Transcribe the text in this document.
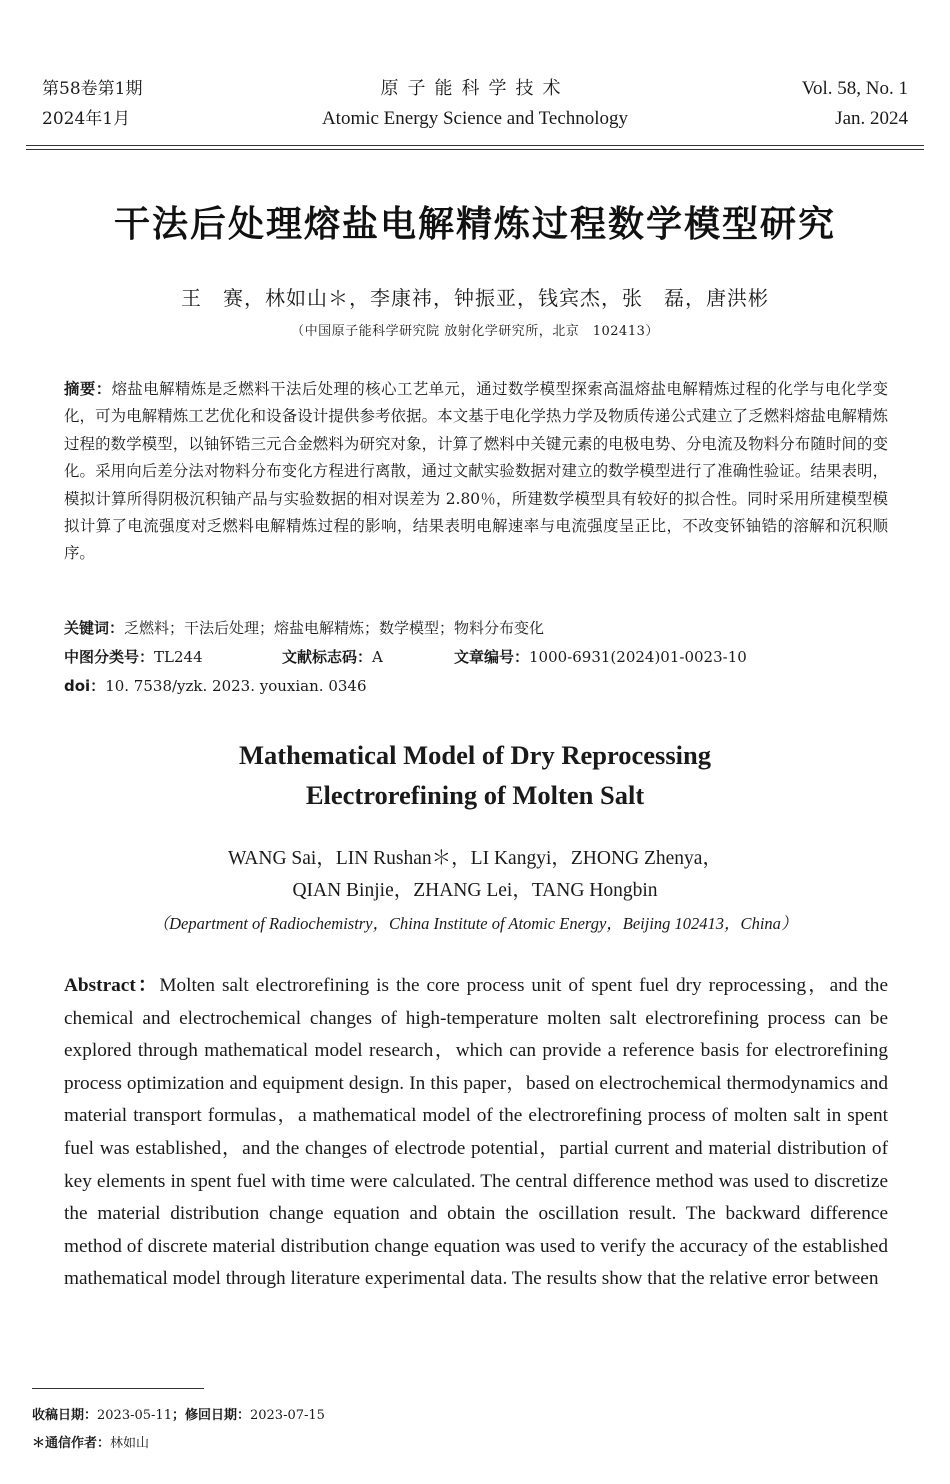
第58卷第1期
2024年1月
原子能科学技术
Atomic Energy Science and Technology
Vol. 58, No. 1
Jan. 2024
干法后处理熔盐电解精炼过程数学模型研究
王　赛，林如山＊，李康祎，钟振亚，钱宾杰，张　磊，唐洪彬
（中国原子能科学研究院 放射化学研究所，北京　102413）
摘要：熔盐电解精炼是乏燃料干法后处理的核心工艺单元，通过数学模型探索高温熔盐电解精炼过程的化学与电化学变化，可为电解精炼工艺优化和设备设计提供参考依据。本文基于电化学热力学及物质传递公式建立了乏燃料熔盐电解精炼过程的数学模型，以铀钚锆三元合金燃料为研究对象，计算了燃料中关键元素的电极电势、分电流及物料分布随时间的变化。采用向后差分法对物料分布变化方程进行离散，通过文献实验数据对建立的数学模型进行了准确性验证。结果表明，模拟计算所得阴极沉积铀产品与实验数据的相对误差为 2.80％，所建数学模型具有较好的拟合性。同时采用所建模型模拟计算了电流强度对乏燃料电解精炼过程的影响，结果表明电解速率与电流强度呈正比，不改变钚铀锆的溶解和沉积顺序。
关键词：乏燃料；干法后处理；熔盐电解精炼；数学模型；物料分布变化
中图分类号：TL244	文献标志码：A	文章编号：1000-6931(2024)01-0023-10
doi：10. 7538/yzk. 2023. youxian. 0346
Mathematical Model of Dry Reprocessing
Electrorefining of Molten Salt
WANG Sai，LIN Rushan＊，LI Kangyi，ZHONG Zhenya，
QIAN Binjie，ZHANG Lei，TANG Hongbin
（Department of Radiochemistry，China Institute of Atomic Energy，Beijing 102413，China）
Abstract：Molten salt electrorefining is the core process unit of spent fuel dry reprocessing，and the chemical and electrochemical changes of high-temperature molten salt electrorefining process can be explored through mathematical model research，which can provide a reference basis for electrorefining process optimization and equipment design. In this paper，based on electrochemical thermodynamics and material transport formulas，a mathematical model of the electrorefining process of molten salt in spent fuel was established，and the changes of electrode potential，partial current and material distribution of key elements in spent fuel with time were calculated. The central difference method was used to discretize the material distribution change equation and obtain the oscillation result. The backward difference method of discrete material distribution change equation was used to verify the accuracy of the established mathematical model through literature experimental data. The results show that the relative error between
收稿日期：2023-05-11；修回日期：2023-07-15
＊通信作者：林如山
